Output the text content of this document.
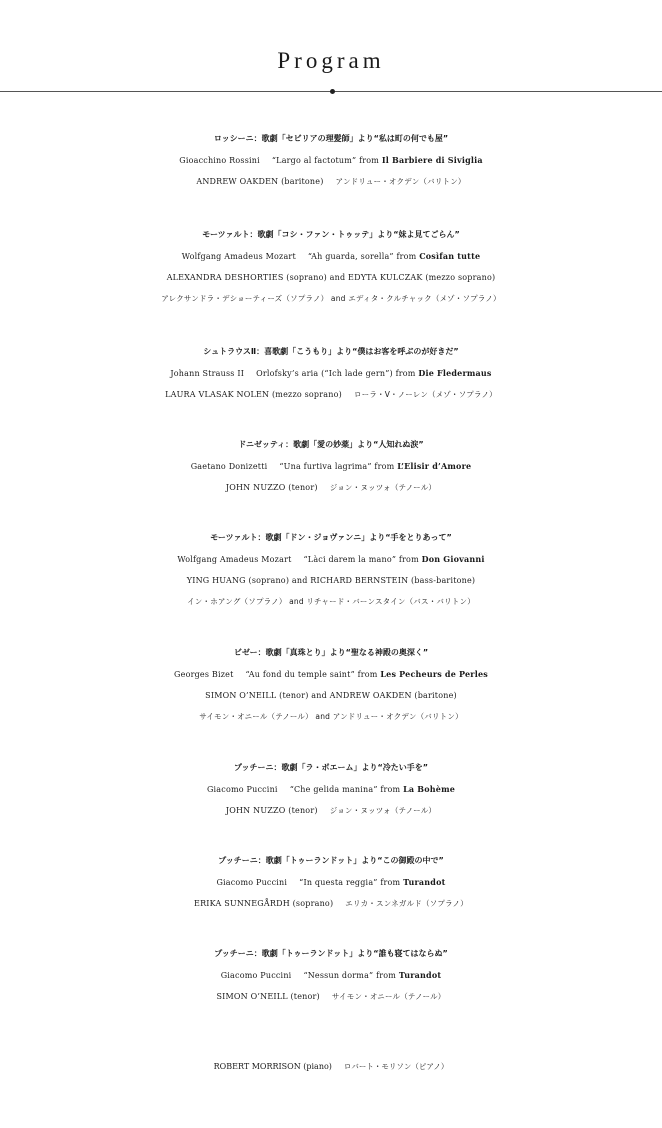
Program
ロッシーニ：歌劇「セビリアの理髪師」より“私は町の何でも屋”
Gioacchino Rossini “Largo al factotum” from Il Barbiere di Siviglia
ANDREW OAKDEN (baritone) アンドリュー・オクデン（バリトン）
モーツァルト：歌劇「コシ・ファン・トゥッテ」より“妹よ見てごらん”
Wolfgang Amadeus Mozart “Ah guarda, sorella” from Cosìfan tutte
ALEXANDRA DESHORTIES (soprano) and EDYTA KULCZAK (mezzo soprano)
アレクサンドラ・デショーティーズ（ソプラノ） and エディタ・クルチャック（メゾ・ソプラノ）
シュトラウスⅡ：喜歌劇「こうもり」より“僕はお客を呼ぶのが好きだ”
Johann Strauss II Orlofsky’s aria (“Ich lade gern”) from Die Fledermaus
LAURA VLASAK NOLEN (mezzo soprano) ローラ・V・ノーレン（メゾ・ソプラノ）
ドニゼッティ：歌劇「愛の妙薬」より“人知れぬ涙”
Gaetano Donizetti “Una furtiva lagrima” from L’Elisir d’Amore
JOHN NUZZO (tenor) ジョン・ヌッツォ（テノール）
モーツァルト：歌劇「ドン・ジョヴァンニ」より“手をとりあって”
Wolfgang Amadeus Mozart “Làci darem la mano” from Don Giovanni
YING HUANG (soprano) and RICHARD BERNSTEIN (bass-baritone)
イン・ホアング（ソプラノ） and リチャード・バーンスタイン（バス・バリトン）
ビゼー：歌劇「真珠とり」より“聖なる神殿の奥深く”
Georges Bizet “Au fond du temple saint” from Les Pecheurs de Perles
SIMON O’NEILL (tenor) and ANDREW OAKDEN (baritone)
サイモン・オニール（テノール） and アンドリュー・オクデン（バリトン）
プッチーニ：歌劇「ラ・ボエーム」より“冷たい手を”
Giacomo Puccini “Che gelida manina” from La Bohème
JOHN NUZZO (tenor) ジョン・ヌッツォ（テノール）
プッチーニ：歌劇「トゥーランドット」より“この御殿の中で”
Giacomo Puccini “In questa reggia” from Turandot
ERIKA SUNNEGÅRDH (soprano) エリカ・スンネガルド（ソプラノ）
プッチーニ：歌劇「トゥーランドット」より“誰も寝てはならぬ”
Giacomo Puccini “Nessun dorma” from Turandot
SIMON O’NEILL (tenor) サイモン・オニール（テノール）
ROBERT MORRISON (piano) ロバート・モリソン（ピアノ）
